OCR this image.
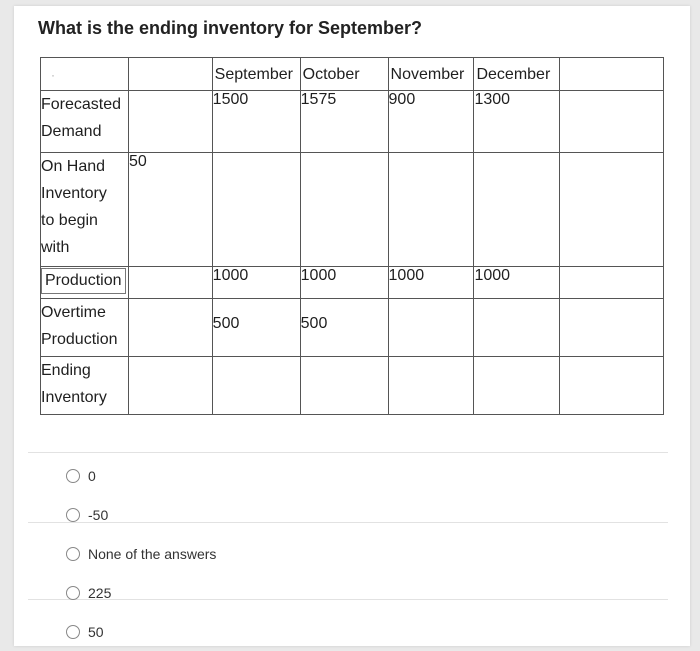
What is the ending inventory for September?
·		September	October	November	December	

Forecasted
Demand		1500	1575	900	1300	

On Hand
Inventory
to begin
with	50					
Production		1000	1000	1000	1000	

Overtime
Production		500	500			

Ending
Inventory						

0
-50
None of the answers
225
50
